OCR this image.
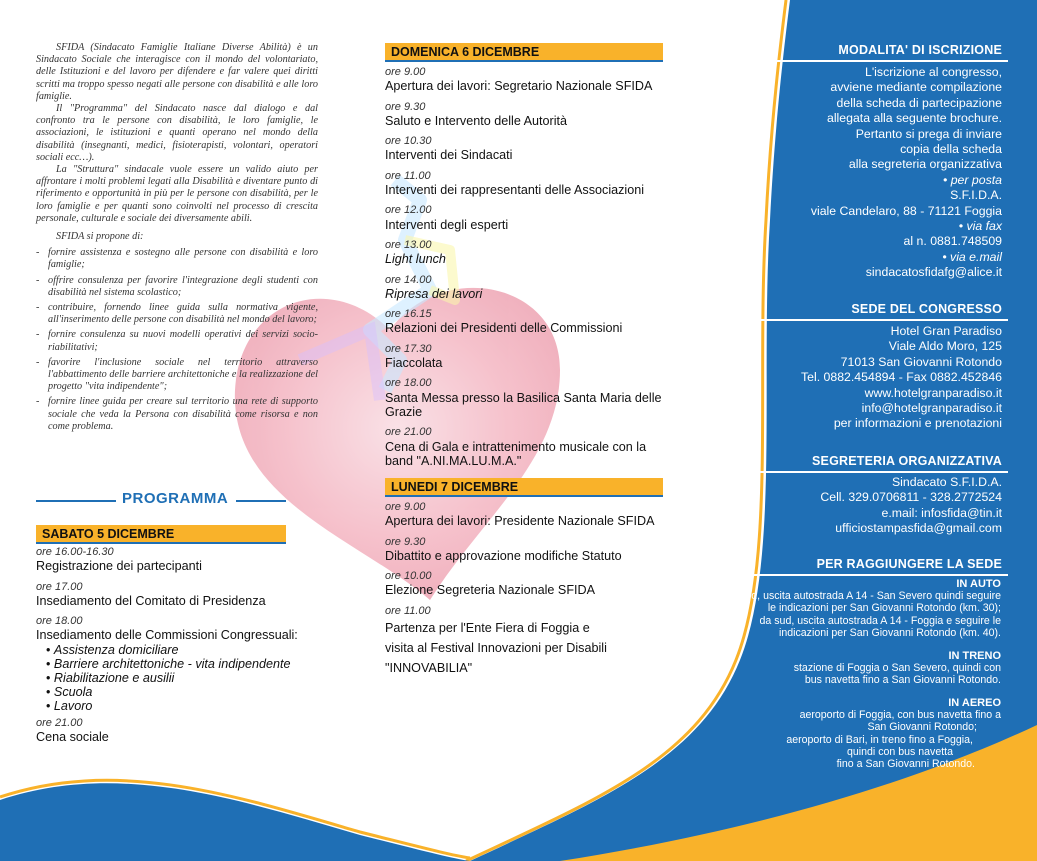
SFIDA (Sindacato Famiglie Italiane Diverse Abilità) è un Sindacato Sociale che interagisce con il mondo del volontariato, delle Istituzioni e del lavoro per difendere e far valere quei diritti scritti ma troppo spesso negati alle persone con disabilità e alle loro famiglie.

Il "Programma" del Sindacato nasce dal dialogo e dal confronto tra le persone con disabilità, le loro famiglie, le associazioni, le istituzioni e quanti operano nel mondo della disabilità (insegnanti, medici, fisioterapisti, volontari, operatori sociali ecc…).

La "Struttura" sindacale vuole essere un valido aiuto per affrontare i molti problemi legati alla Disabilità e diventare punto di riferimento e opportunità in più per le persone con disabilità, per le loro famiglie e per quanti sono coinvolti nel processo di crescita personale, culturale e sociale dei diversamente abili.

SFIDA si propone di:

- fornire assistenza e sostegno alle persone con disabilità e loro famiglie;
- offrire consulenza per favorire l'integrazione degli studenti con disabilità nel sistema scolastico;
- contribuire, fornendo linee guida sulla normativa vigente, all'inserimento delle persone con disabilità nel mondo del lavoro;
- fornire consulenza su nuovi modelli operativi dei servizi socio-riabilitativi;
- favorire l'inclusione sociale nel territorio attraverso l'abbattimento delle barriere architettoniche e la realizzazione del progetto "vita indipendente";
- fornire linee guida per creare sul territorio una rete di supporto sociale che veda la Persona con disabilità come risorsa e non come problema.
PROGRAMMA
SABATO 5 DICEMBRE
ore 16.00-16.30
Registrazione dei partecipanti
ore 17.00
Insediamento del Comitato di Presidenza
ore 18.00
Insediamento delle Commissioni Congressuali:
• Assistenza domiciliare
• Barriere architettoniche - vita indipendente
• Riabilitazione e ausilii
• Scuola
• Lavoro
ore 21.00
Cena sociale
DOMENICA 6 DICEMBRE
ore 9.00
Apertura dei lavori: Segretario Nazionale SFIDA
ore 9.30
Saluto e Intervento delle Autorità
ore 10.30
Interventi dei Sindacati
ore 11.00
Interventi dei rappresentanti delle Associazioni
ore 12.00
Interventi degli esperti
ore 13.00
Light lunch
ore 14.00
Ripresa dei lavori
ore 16.15
Relazioni dei Presidenti delle Commissioni
ore 17.30
Fiaccolata
ore 18.00
Santa Messa presso la Basilica Santa Maria delle Grazie
ore 21.00
Cena di Gala e intrattenimento musicale con la band "A.NI.MA.LU.M.A."
LUNEDI 7 DICEMBRE
ore 9.00
Apertura dei lavori: Presidente Nazionale SFIDA
ore 9.30
Dibattito e approvazione modifiche Statuto
ore 10.00
Elezione Segreteria Nazionale SFIDA
ore 11.00
Partenza per l'Ente Fiera di Foggia e visita al Festival Innovazioni per Disabili "INNOVABILIA"
MODALITA' DI ISCRIZIONE
L'iscrizione al congresso,
avviene mediante compilazione
della scheda di partecipazione
allegata alla seguente brochure.
Pertanto si prega di inviare
copia della scheda
alla segreteria organizzativa
• per posta
S.F.I.D.A.
viale Candelaro, 88 - 71121 Foggia
• via fax
al n. 0881.748509
• via e.mail
sindacatosfidafg@alice.it
SEDE DEL CONGRESSO
Hotel Gran Paradiso
Viale Aldo Moro, 125
71013 San Giovanni Rotondo
Tel. 0882.454894 - Fax 0882.452846
www.hotelgranparadiso.it
info@hotelgranparadiso.it
per informazioni e prenotazioni
SEGRETERIA ORGANIZZATIVA
Sindacato S.F.I.D.A.
Cell. 329.0706811 - 328.2772524
e.mail: infosfida@tin.it
ufficiostampasfida@gmail.com
PER RAGGIUNGERE LA SEDE
IN AUTO
da nord, uscita autostrada A 14 - San Severo quindi seguire
le indicazioni per San Giovanni Rotondo (km. 30);
da sud, uscita autostrada A 14 - Foggia e seguire le
indicazioni per San Giovanni Rotondo (km. 40).
IN TRENO
stazione di Foggia o San Severo, quindi con
bus navetta fino a San Giovanni Rotondo.
IN AEREO
aeroporto di Foggia, con bus navetta fino a
San Giovanni Rotondo;
aeroporto di Bari, in treno fino a Foggia,
quindi con bus navetta
fino a San Giovanni Rotondo.
